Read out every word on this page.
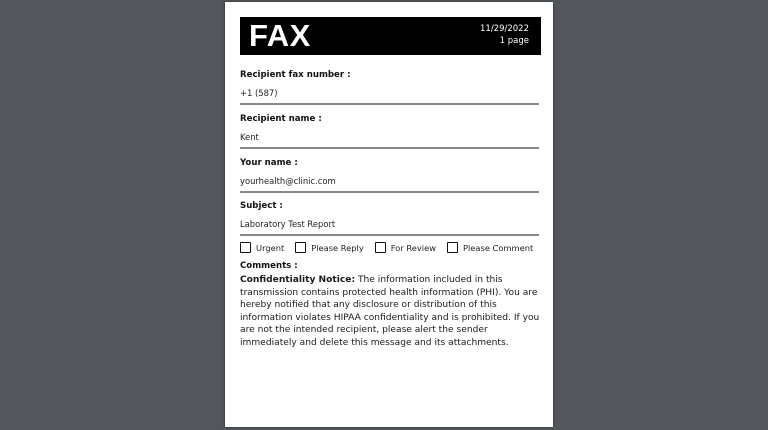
FAX	11/29/2022
1 page
Recipient fax number :
+1 (587)
Recipient name :
Kent
Your name :
yourhealth@clinic.com
Subject :
Laboratory Test Report
Urgent	Please Reply	For Review	Please Comment
Comments :
Confidentiality Notice: The information included in this transmission contains protected health information (PHI). You are hereby notified that any disclosure or distribution of this information violates HIPAA confidentiality and is prohibited. If you are not the intended recipient, please alert the sender immediately and delete this message and its attachments.
